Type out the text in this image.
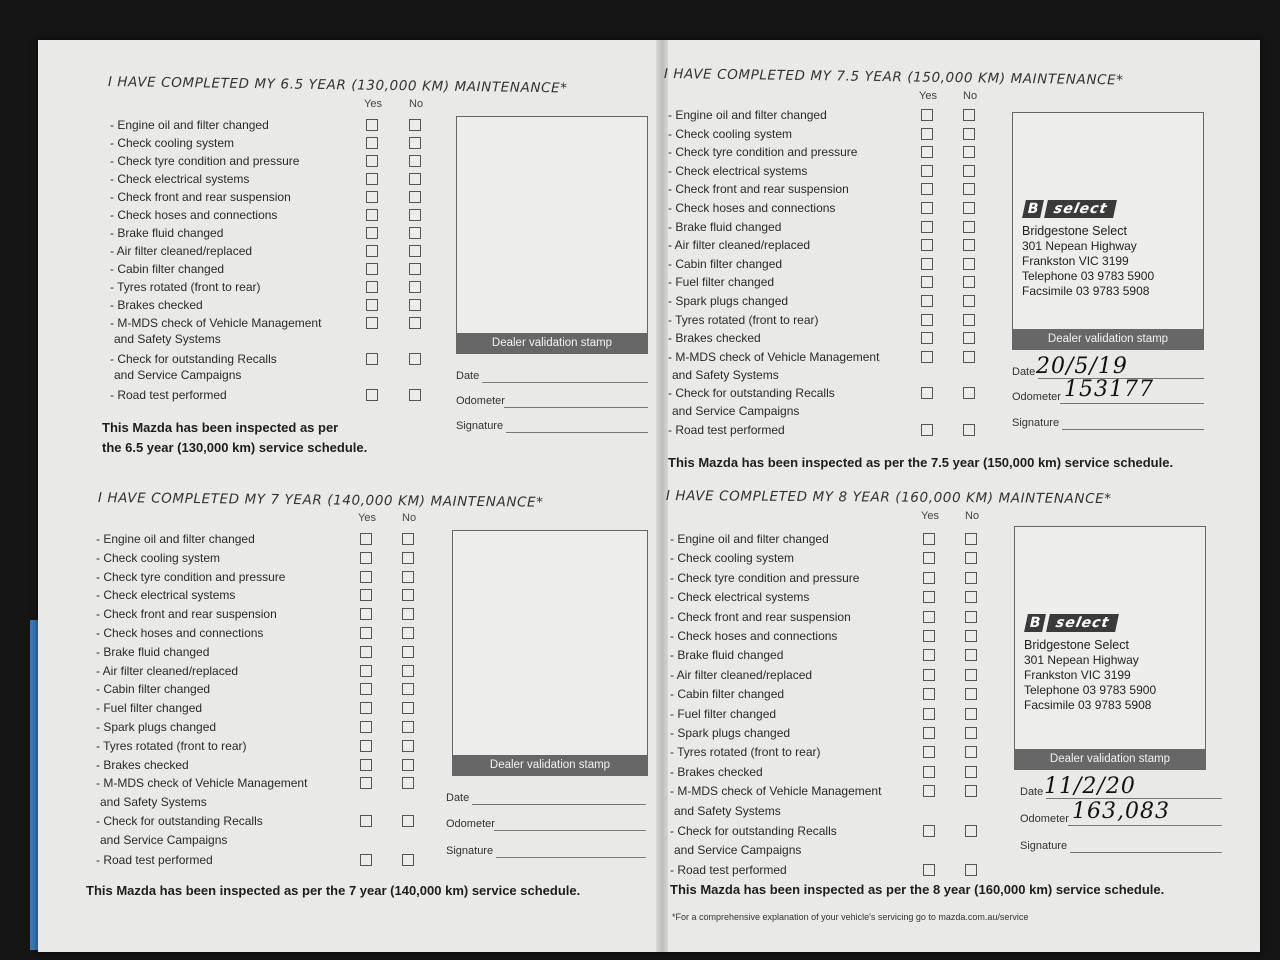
I HAVE COMPLETED MY 6.5 YEAR (130,000 KM) MAINTENANCE*
Yes No
- Engine oil and filter changed
- Check cooling system
- Check tyre condition and pressure
- Check electrical systems
- Check front and rear suspension
- Check hoses and connections
- Brake fluid changed
- Air filter cleaned/replaced
- Cabin filter changed
- Tyres rotated (front to rear)
- Brakes checked
- M-MDS check of Vehicle Management
and Safety Systems
- Check for outstanding Recalls
and Service Campaigns
- Road test performed
Dealer validation stamp
Date
Odometer
Signature
This Mazda has been inspected as per
the 6.5 year (130,000 km) service schedule.
I HAVE COMPLETED MY 7.5 YEAR (150,000 KM) MAINTENANCE*
Yes No
- Engine oil and filter changed
- Check cooling system
- Check tyre condition and pressure
- Check electrical systems
- Check front and rear suspension
- Check hoses and connections
- Brake fluid changed
- Air filter cleaned/replaced
- Cabin filter changed
- Fuel filter changed
- Spark plugs changed
- Tyres rotated (front to rear)
- Brakes checked
- M-MDS check of Vehicle Management
and Safety Systems
- Check for outstanding Recalls
and Service Campaigns
- Road test performed
Dealer validation stamp
B select
Bridgestone Select
301 Nepean Highway
Frankston VIC 3199
Telephone 03 9783 5900
Facsimile 03 9783 5908
Date
Odometer
Signature
20/5/19
153177
This Mazda has been inspected as per the 7.5 year (150,000 km) service schedule.
I HAVE COMPLETED MY 7 YEAR (140,000 KM) MAINTENANCE*
Yes No
- Engine oil and filter changed
- Check cooling system
- Check tyre condition and pressure
- Check electrical systems
- Check front and rear suspension
- Check hoses and connections
- Brake fluid changed
- Air filter cleaned/replaced
- Cabin filter changed
- Fuel filter changed
- Spark plugs changed
- Tyres rotated (front to rear)
- Brakes checked
- M-MDS check of Vehicle Management
and Safety Systems
- Check for outstanding Recalls
and Service Campaigns
- Road test performed
Dealer validation stamp
Date
Odometer
Signature
This Mazda has been inspected as per the 7 year (140,000 km) service schedule.
I HAVE COMPLETED MY 8 YEAR (160,000 KM) MAINTENANCE*
Yes No
- Engine oil and filter changed
- Check cooling system
- Check tyre condition and pressure
- Check electrical systems
- Check front and rear suspension
- Check hoses and connections
- Brake fluid changed
- Air filter cleaned/replaced
- Cabin filter changed
- Fuel filter changed
- Spark plugs changed
- Tyres rotated (front to rear)
- Brakes checked
- M-MDS check of Vehicle Management
and Safety Systems
- Check for outstanding Recalls
and Service Campaigns
- Road test performed
Dealer validation stamp
B select
Bridgestone Select
301 Nepean Highway
Frankston VIC 3199
Telephone 03 9783 5900
Facsimile 03 9783 5908
Date
Odometer
Signature
11/2/20
163,083
This Mazda has been inspected as per the 8 year (160,000 km) service schedule.
*For a comprehensive explanation of your vehicle's servicing go to mazda.com.au/service
